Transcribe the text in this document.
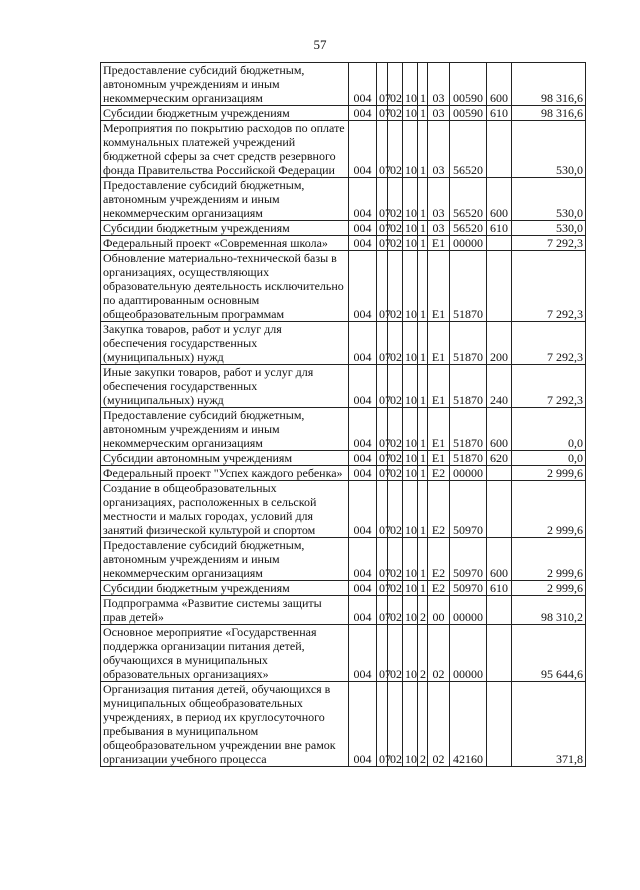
57
Предоставление субсидий бюджетным, автономным учреждениям и иным некоммерческим организациям	004	07	02	10	1	03	00590	600	98 316,6
Субсидии бюджетным учреждениям	004	07	02	10	1	03	00590	610	98 316,6
Мероприятия по покрытию расходов по оплате коммунальных платежей учреждений бюджетной сферы за счет средств резервного фонда Правительства Российской Федерации	004	07	02	10	1	03	56520		530,0
Предоставление субсидий бюджетным, автономным учреждениям и иным некоммерческим организациям	004	07	02	10	1	03	56520	600	530,0
Субсидии бюджетным учреждениям	004	07	02	10	1	03	56520	610	530,0
Федеральный проект «Современная школа»	004	07	02	10	1	E1	00000		7 292,3
Обновление материально-технической базы в организациях, осуществляющих образовательную деятельность исключительно по адаптированным основным общеобразовательным программам	004	07	02	10	1	E1	51870		7 292,3
Закупка товаров, работ и услуг для обеспечения государственных (муниципальных) нужд	004	07	02	10	1	E1	51870	200	7 292,3
Иные закупки товаров, работ и услуг для обеспечения государственных (муниципальных) нужд	004	07	02	10	1	E1	51870	240	7 292,3
Предоставление субсидий бюджетным, автономным учреждениям и иным некоммерческим организациям	004	07	02	10	1	E1	51870	600	0,0
Субсидии автономным учреждениям	004	07	02	10	1	E1	51870	620	0,0
Федеральный проект "Успех каждого ребенка»	004	07	02	10	1	E2	00000		2 999,6
Создание в общеобразовательных организациях, расположенных в сельской местности и малых городах, условий для занятий физической культурой и спортом	004	07	02	10	1	E2	50970		2 999,6
Предоставление субсидий бюджетным, автономным учреждениям и иным некоммерческим организациям	004	07	02	10	1	E2	50970	600	2 999,6
Субсидии бюджетным учреждениям	004	07	02	10	1	E2	50970	610	2 999,6
Подпрограмма «Развитие системы защиты прав детей»	004	07	02	10	2	00	00000		98 310,2
Основное мероприятие «Государственная поддержка организации питания детей, обучающихся в муниципальных образовательных организациях»	004	07	02	10	2	02	00000		95 644,6
Организация питания детей, обучающихся в муниципальных общеобразовательных учреждениях, в период их круглосуточного пребывания в муниципальном общеобразовательном учреждении вне рамок организации учебного процесса	004	07	02	10	2	02	42160		371,8
